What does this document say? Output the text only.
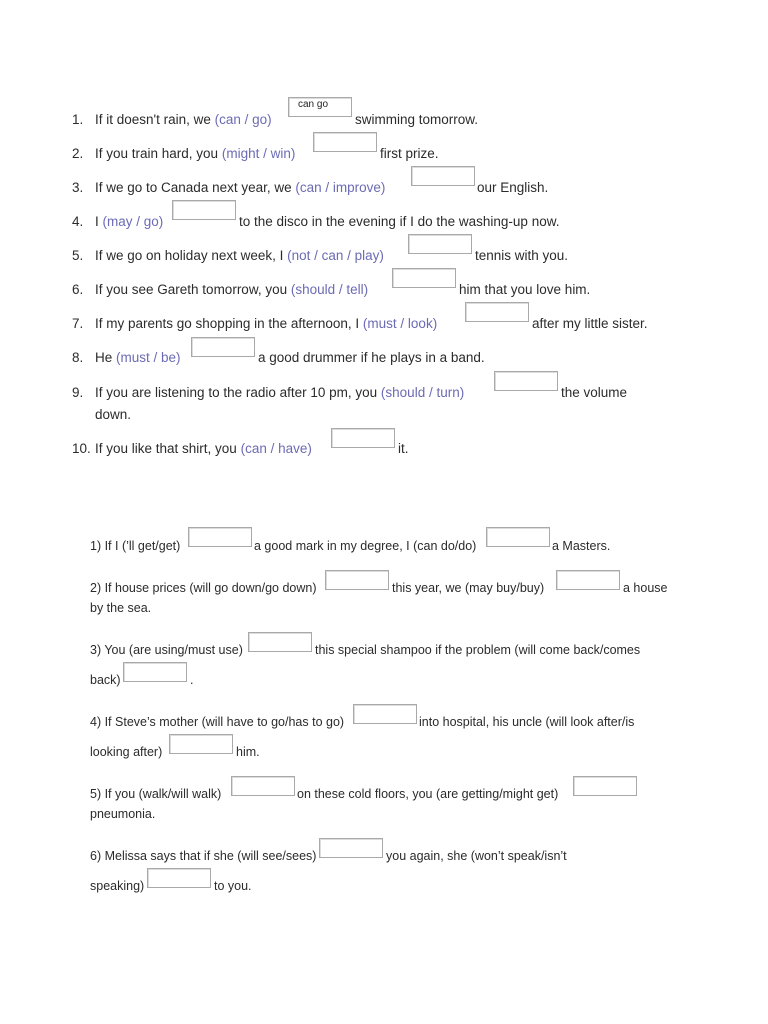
1. If it doesn't rain, we (can / go)
can go
swimming tomorrow.
2. If you train hard, you (might / win)	first prize.
3. If we go to Canada next year, we (can / improve)	our English.
4. I (may / go)	to the disco in the evening if I do the washing-up now.
5. If we go on holiday next week, I (not / can / play)	tennis with you.
6. If you see Gareth tomorrow, you (should / tell)	him that you love him.
7. If my parents go shopping in the afternoon, I (must / look)	after my little sister.
8. He (must / be)	a good drummer if he plays in a band.
9. If you are listening to the radio after 10 pm, you (should / turn)	the volume
down.
10. If you like that shirt, you (can / have)	it.
1) If I (’ll get/get)	a good mark in my degree, I (can do/do)	a Masters.
2) If house prices (will go down/go down)	this year, we (may buy/buy)	a house
by the sea.
3) You (are using/must use)	this special shampoo if the problem (will come back/comes
back)	.
4) If Steve’s mother (will have to go/has to go)	into hospital, his uncle (will look after/is
looking after)	him.
5) If you (walk/will walk)	on these cold floors, you (are getting/might get)
pneumonia.
6) Melissa says that if she (will see/sees)	you again, she (won’t speak/isn’t
speaking)	to you.
